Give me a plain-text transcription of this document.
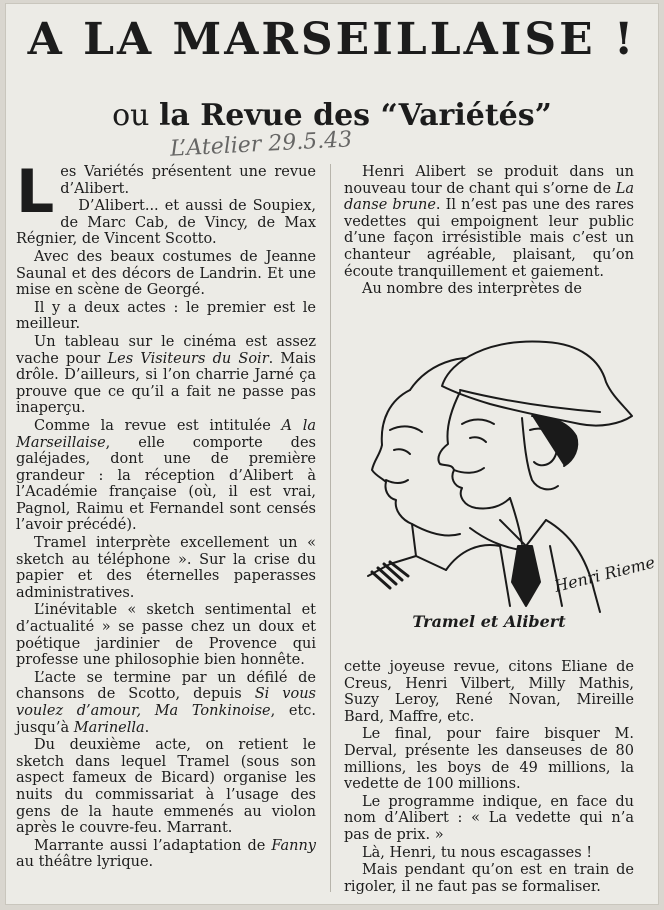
A LA MARSEILLAISE !
ou la Revue des “Variétés”
L’Atelier 29.5.43

Les Variétés présentent une revue d’Alibert.

D’Alibert... et aussi de Soupiex, de Marc Cab, de Vincy, de Max Régnier, de Vincent Scotto.

Avec des beaux costumes de Jeanne Saunal et des décors de Landrin. Et une mise en scène de Georgé.

Il y a deux actes : le premier est le meilleur.

Un tableau sur le cinéma est assez vache pour Les Visiteurs du Soir. Mais drôle. D’ailleurs, si l’on charrie Jarné ça prouve que ce qu’il a fait ne passe pas inaperçu.

Comme la revue est intitulée A la Marseillaise, elle comporte des galéjades, dont une de première grandeur : la réception d’Alibert à l’Académie française (où, il est vrai, Pagnol, Raimu et Fernandel sont censés l’avoir précédé).

Tramel interprète excellement un « sketch au téléphone ». Sur la crise du papier et des éternelles paperasses administratives.

L’inévitable « sketch sentimental et d’actualité » se passe chez un doux et poétique jardinier de Provence qui professe une philosophie bien honnête.

L’acte se termine par un défilé de chansons de Scotto, depuis Si vous voulez d’amour, Ma Tonkinoise, etc. jusqu’à Marinella.

Du deuxième acte, on retient le sketch dans lequel Tramel (sous son aspect fameux de Bicard) organise les nuits du commissariat à l’usage des gens de la haute emmenés au violon après le couvre-feu. Marrant.

Marrante aussi l’adaptation de Fanny au théâtre lyrique.

Henri Alibert se produit dans un nouveau tour de chant qui s’orne de La danse brune. Il n’est pas une des rares vedettes qui empoignent leur public d’une façon irrésistible mais c’est un chanteur agréable, plaisant, qu’on écoute tranquillement et gaiement.

Au nombre des interprètes de

Henri Rieme
Tramel et Alibert

cette joyeuse revue, citons Eliane de Creus, Henri Vilbert, Milly Mathis, Suzy Leroy, René Novan, Mireille Bard, Maffre, etc.

Le final, pour faire bisquer M. Derval, présente les danseuses de 80 millions, les boys de 49 millions, la vedette de 100 millions.

Le programme indique, en face du nom d’Alibert : « La vedette qui n’a pas de prix. »

Là, Henri, tu nous escagasses !

Mais pendant qu’on est en train de rigoler, il ne faut pas se formaliser.
